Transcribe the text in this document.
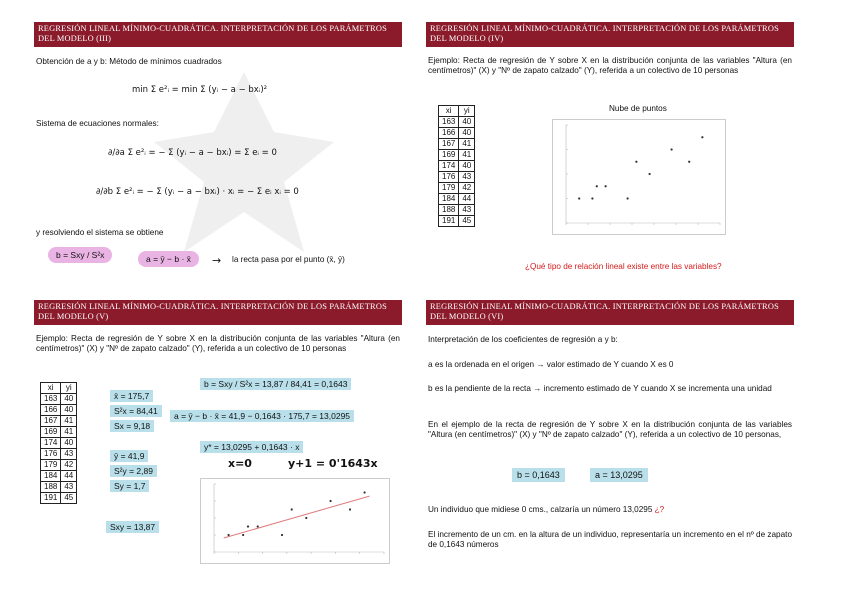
REGRESIÓN LINEAL MÍNIMO-CUADRÁTICA. INTERPRETACIÓN DE LOS PARÁMETROS DEL MODELO (III)

Obtención de a y b: Método de mínimos cuadrados

min Σ e²ᵢ = min Σ (yᵢ − a − bxᵢ)²

Sistema de ecuaciones normales:

∂/∂a Σ e²ᵢ = − Σ (yᵢ − a − bxᵢ) = Σ eᵢ = 0
∂/∂b Σ e²ᵢ = − Σ (yᵢ − a − bxᵢ) · xᵢ = − Σ eᵢ xᵢ = 0

y resolviendo el sistema se obtiene

b = Sxy / S²x	a = ȳ − b · x̄	→ la recta pasa por el punto (x̄, ȳ)

REGRESIÓN LINEAL MÍNIMO-CUADRÁTICA. INTERPRETACIÓN DE LOS PARÁMETROS DEL MODELO (IV)

Ejemplo: Recta de regresión de Y sobre X en la distribución conjunta de las variables "Altura (en centímetros)" (X) y "Nº de zapato calzado" (Y), referida a un colectivo de 10 personas

xi	yi
163	40
166	40
167	41
169	41
174	40
176	43
179	42
184	44
188	43
191	45
Nube de puntos

¿Qué tipo de relación lineal existe entre las variables?

REGRESIÓN LINEAL MÍNIMO-CUADRÁTICA. INTERPRETACIÓN DE LOS PARÁMETROS DEL MODELO (V)

Ejemplo: Recta de regresión de Y sobre X en la distribución conjunta de las variables "Altura (en centímetros)" (X) y "Nº de zapato calzado" (Y), referida a un colectivo de 10 personas

xi	yi
163	40
166	40
167	41
169	41
174	40
176	43
179	42
184	44
188	43
191	45
x̄ = 175,7
S²x = 84,41
Sx = 9,18
ȳ = 41,9
S²y = 2,89
Sy = 1,7
Sxy = 13,87
b = Sxy / S²x = 13,87 / 84,41 = 0,1643
a = ȳ − b · x̄ = 41,9 − 0,1643 · 175,7 = 13,0295
y* = 13,0295 + 0,1643 · x
x=0	y+1 = 0'1643x
REGRESIÓN LINEAL MÍNIMO-CUADRÁTICA. INTERPRETACIÓN DE LOS PARÁMETROS DEL MODELO (VI)

Interpretación de los coeficientes de regresión a y b:

a es la ordenada en el origen → valor estimado de Y cuando X es 0

b es la pendiente de la recta → incremento estimado de Y cuando X se incrementa una unidad

En el ejemplo de la recta de regresión de Y sobre X en la distribución conjunta de las variables "Altura (en centímetros)" (X) y "Nº de zapato calzado" (Y), referida a un colectivo de 10 personas,

b = 0,1643	a = 13,0295

Un individuo que midiese 0 cms., calzaría un número 13,0295 ¿?

El incremento de un cm. en la altura de un individuo, representaría un incremento en el nº de zapato de 0,1643 números
